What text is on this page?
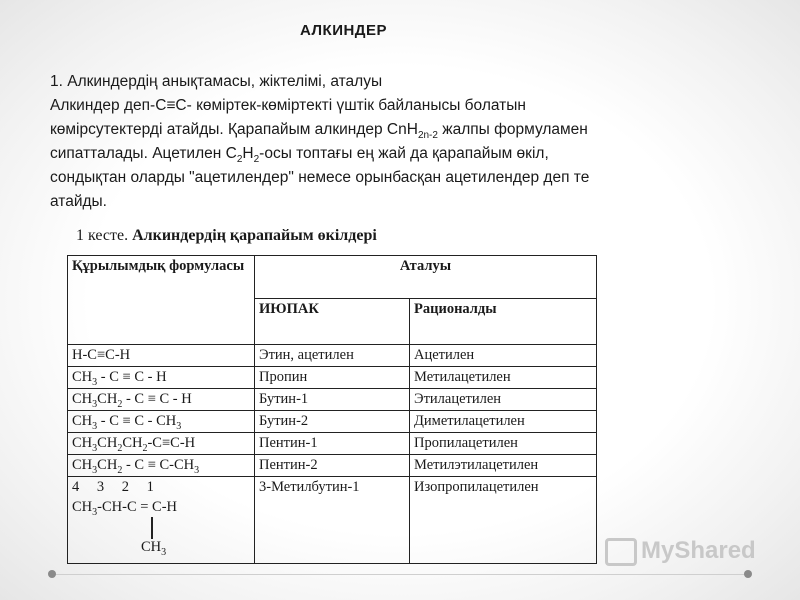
АЛКИНДЕР
1. Алкиндердің анықтамасы, жіктелімі, аталуы
Алкиндер деп-С≡С- көміртек-көміртекті үштік байланысы болатын
көмірсутектерді атайды. Қарапайым алкиндер CnH$_{2n-2}$ жалпы формуламен
сипатталады. Ацетилен $С_2Н_2$-осы топтағы ең жай да қарапайым өкіл,
сондықтан оларды "ацетилендер" немесе орынбасқан ацетилендер деп те
атайды.
1 кесте. Алкиндердің қарапайым өкілдері
Құрылымдық формуласы	Аталуы	
	ИЮПАК	Рационалды
H-C≡C-H	Этин, ацетилен	Ацетилен
$CH_3 - C \equiv C - H$	Пропин	Метилацетилен
$CH_3CH_2 - C \equiv C - H$	Бутин-1	Этилацетилен
$CH_3 - C \equiv C - CH_3$	Бутин-2	Диметилацетилен
$CH_3CH_2CH_2-C\equiv C-H$	Пентин-1	Пропилацетилен
$CH_3CH_2 - C \equiv C-CH_3$	Пентин-2	Метилэтилацетилен

4 3 2 1
$CH_3-CH-C = C-H$
$CH_3$	3-Метилбутин-1	Изопропилацетилен
MyShared
